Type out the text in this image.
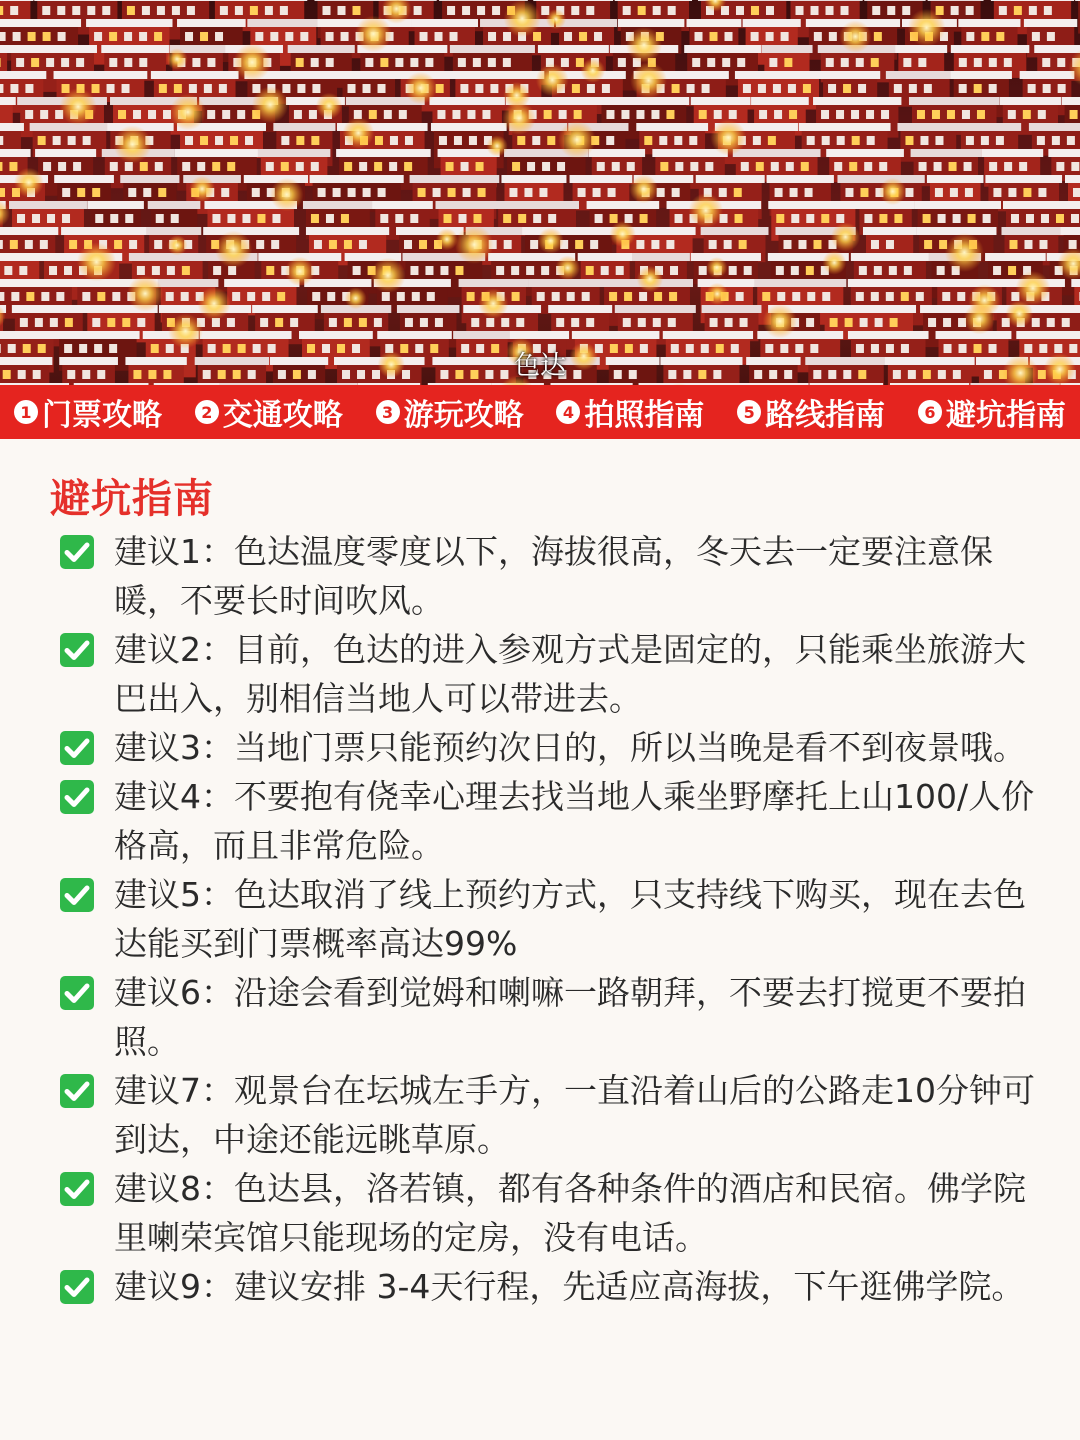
色达
1 门票攻略	2 交通攻略	3 游玩攻略	4 拍照指南	5 路线指南	6 避坑指南
避坑指南
建议1：色达温度零度以下，海拔很高，冬天去一定要注意保暖，不要长时间吹风。
建议2：目前，色达的进入参观方式是固定的，只能乘坐旅游大巴出入，别相信当地人可以带进去。
建议3：当地门票只能预约次日的，所以当晚是看不到夜景哦。
建议4：不要抱有侥幸心理去找当地人乘坐野摩托上山100/人价格高，而且非常危险。
建议5：色达取消了线上预约方式，只支持线下购买，现在去色达能买到门票概率高达99%
建议6：沿途会看到觉姆和喇嘛一路朝拜，不要去打搅更不要拍照。
建议7：观景台在坛城左手方，一直沿着山后的公路走10分钟可到达，中途还能远眺草原。
建议8：色达县，洛若镇，都有各种条件的酒店和民宿。佛学院里喇荣宾馆只能现场的定房，没有电话。
建议9：建议安排 3-4天行程，先适应高海拔，下午逛佛学院。
